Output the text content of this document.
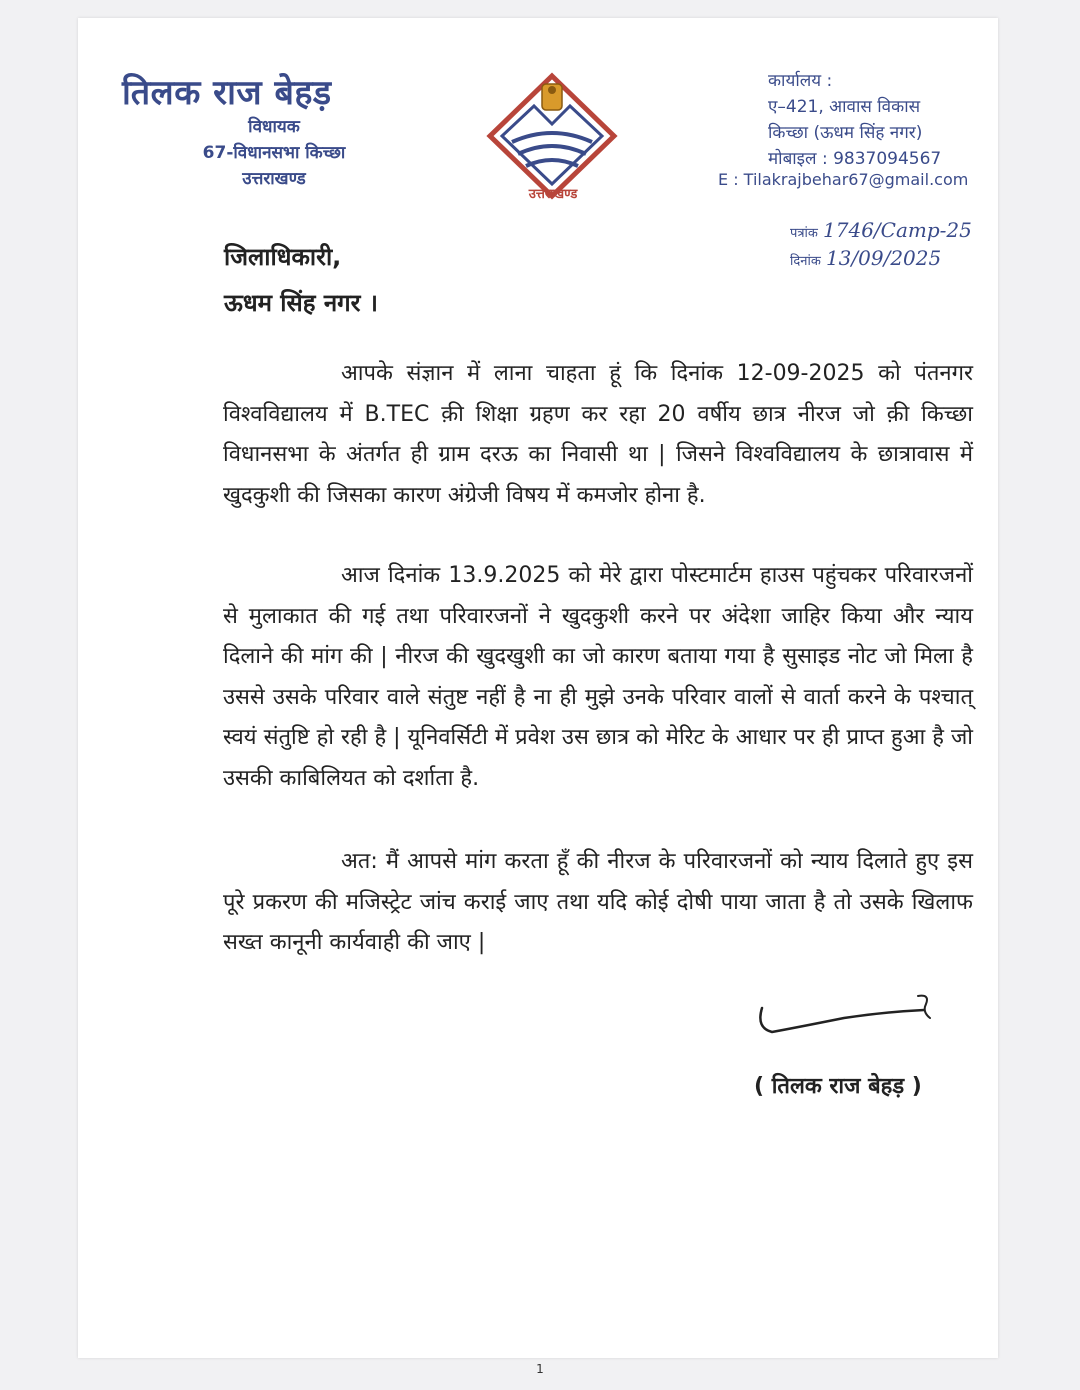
तिलक राज बेहड़
विधायक
67-विधानसभा किच्छा
उत्तराखण्ड
उत्तराखण्ड
कार्यालय :
ए–421, आवास विकास
किच्छा (ऊधम सिंह नगर)
मोबाइल : 9837094567
E : Tilakrajbehar67@gmail.com
पत्रांक 1746/Camp-25
दिनांक 13/09/2025
जिलाधिकारी,
ऊधम सिंह नगर ।

आपके संज्ञान में लाना चाहता हूं कि दिनांक 12-09-2025 को पंतनगर विश्वविद्यालय में B.TEC क़ी शिक्षा ग्रहण कर रहा 20 वर्षीय छात्र नीरज जो क़ी किच्छा विधानसभा के अंतर्गत ही ग्राम दरऊ का निवासी था | जिसने विश्वविद्यालय के छात्रावास में खुदकुशी की जिसका कारण अंग्रेजी विषय में कमजोर होना है.

आज दिनांक 13.9.2025 को मेरे द्वारा पोस्टमार्टम हाउस पहुंचकर परिवारजनों से मुलाकात की गई तथा परिवारजनों ने खुदकुशी करने पर अंदेशा जाहिर किया और न्याय दिलाने की मांग की | नीरज की खुदखुशी का जो कारण बताया गया है सुसाइड नोट जो मिला है उससे उसके परिवार वाले संतुष्ट नहीं है ना ही मुझे उनके परिवार वालों से वार्ता करने के पश्चात् स्वयं संतुष्टि हो रही है | यूनिवर्सिटी में प्रवेश उस छात्र को मेरिट के आधार पर ही प्राप्त हुआ है जो उसकी काबिलियत को दर्शाता है.

अत: मैं आपसे मांग करता हूँ की नीरज के परिवारजनों को न्याय दिलाते हुए इस पूरे प्रकरण की मजिस्ट्रेट जांच कराई जाए तथा यदि कोई दोषी पाया जाता है तो उसके खिलाफ सख्त कानूनी कार्यवाही की जाए |

( तिलक राज बेहड़ )
1
